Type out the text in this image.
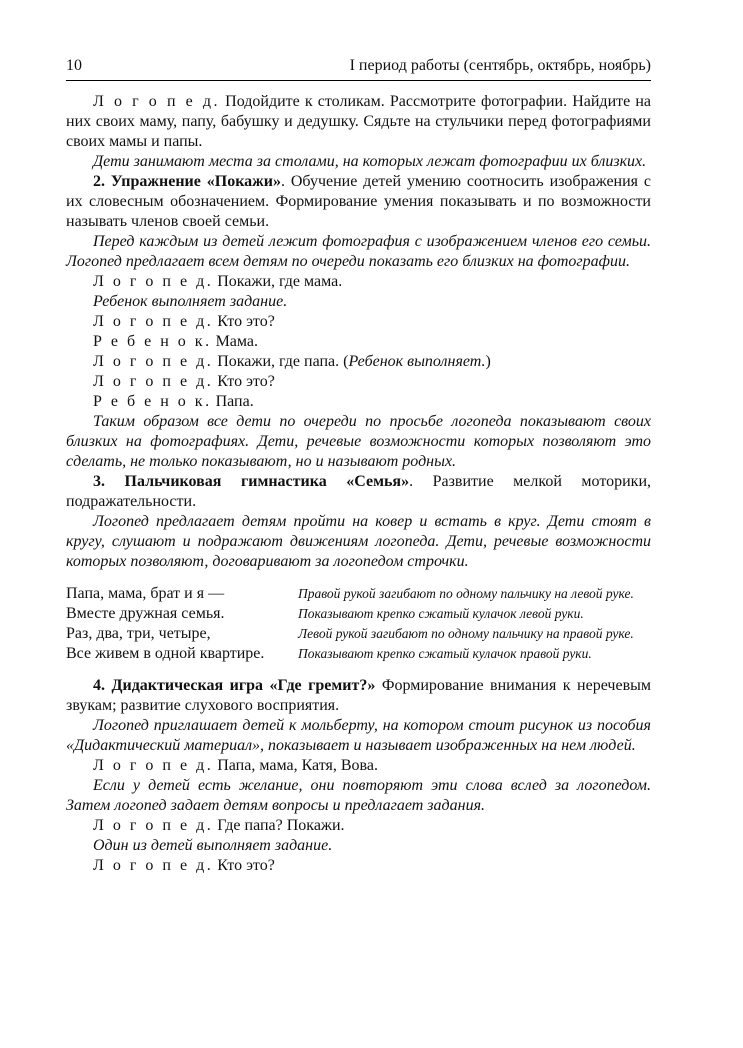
10	I период работы (сентябрь, октябрь, ноябрь)

Л о г о п е д. Подойдите к столикам. Рассмотрите фотографии. Найдите на них своих маму, папу, бабушку и дедушку. Сядьте на стульчики перед фотографиями своих мамы и папы.

Дети занимают места за столами, на которых лежат фотографии их близких.

2. Упражнение «Покажи». Обучение детей умению соотносить изображения с их словесным обозначением. Формирование умения показывать и по возможности называть членов своей семьи.

Перед каждым из детей лежит фотография с изображением членов его семьи. Логопед предлагает всем детям по очереди показать его близких на фотографии.

Л о г о п е д. Покажи, где мама.

Ребенок выполняет задание.

Л о г о п е д. Кто это?

Р е б е н о к. Мама.

Л о г о п е д. Покажи, где папа. (Ребенок выполняет.)

Л о г о п е д. Кто это?

Р е б е н о к. Папа.

Таким образом все дети по очереди по просьбе логопеда показывают своих близких на фотографиях. Дети, речевые возможности которых позволяют это сделать, не только показывают, но и называют родных.

3. Пальчиковая гимнастика «Семья». Развитие мелкой моторики, подражательности.

Логопед предлагает детям пройти на ковер и встать в круг. Дети стоят в кругу, слушают и подражают движениям логопеда. Дети, речевые возможности которых позволяют, договаривают за логопедом строчки.

Папа, мама, брат и я —	Правой рукой загибают по одному пальчику на левой руке.
Вместе дружная семья.	Показывают крепко сжатый кулачок левой руки.
Раз, два, три, четыре,	Левой рукой загибают по одному пальчику на правой руке.
Все живем в одной квартире.	Показывают крепко сжатый кулачок правой руки.

4. Дидактическая игра «Где гремит?» Формирование внимания к неречевым звукам; развитие слухового восприятия.

Логопед приглашает детей к мольберту, на котором стоит рисунок из пособия «Дидактический материал», показывает и называет изображенных на нем людей.

Л о г о п е д. Папа, мама, Катя, Вова.

Если у детей есть желание, они повторяют эти слова вслед за логопедом. Затем логопед задает детям вопросы и предлагает задания.

Л о г о п е д. Где папа? Покажи.

Один из детей выполняет задание.

Л о г о п е д. Кто это?
